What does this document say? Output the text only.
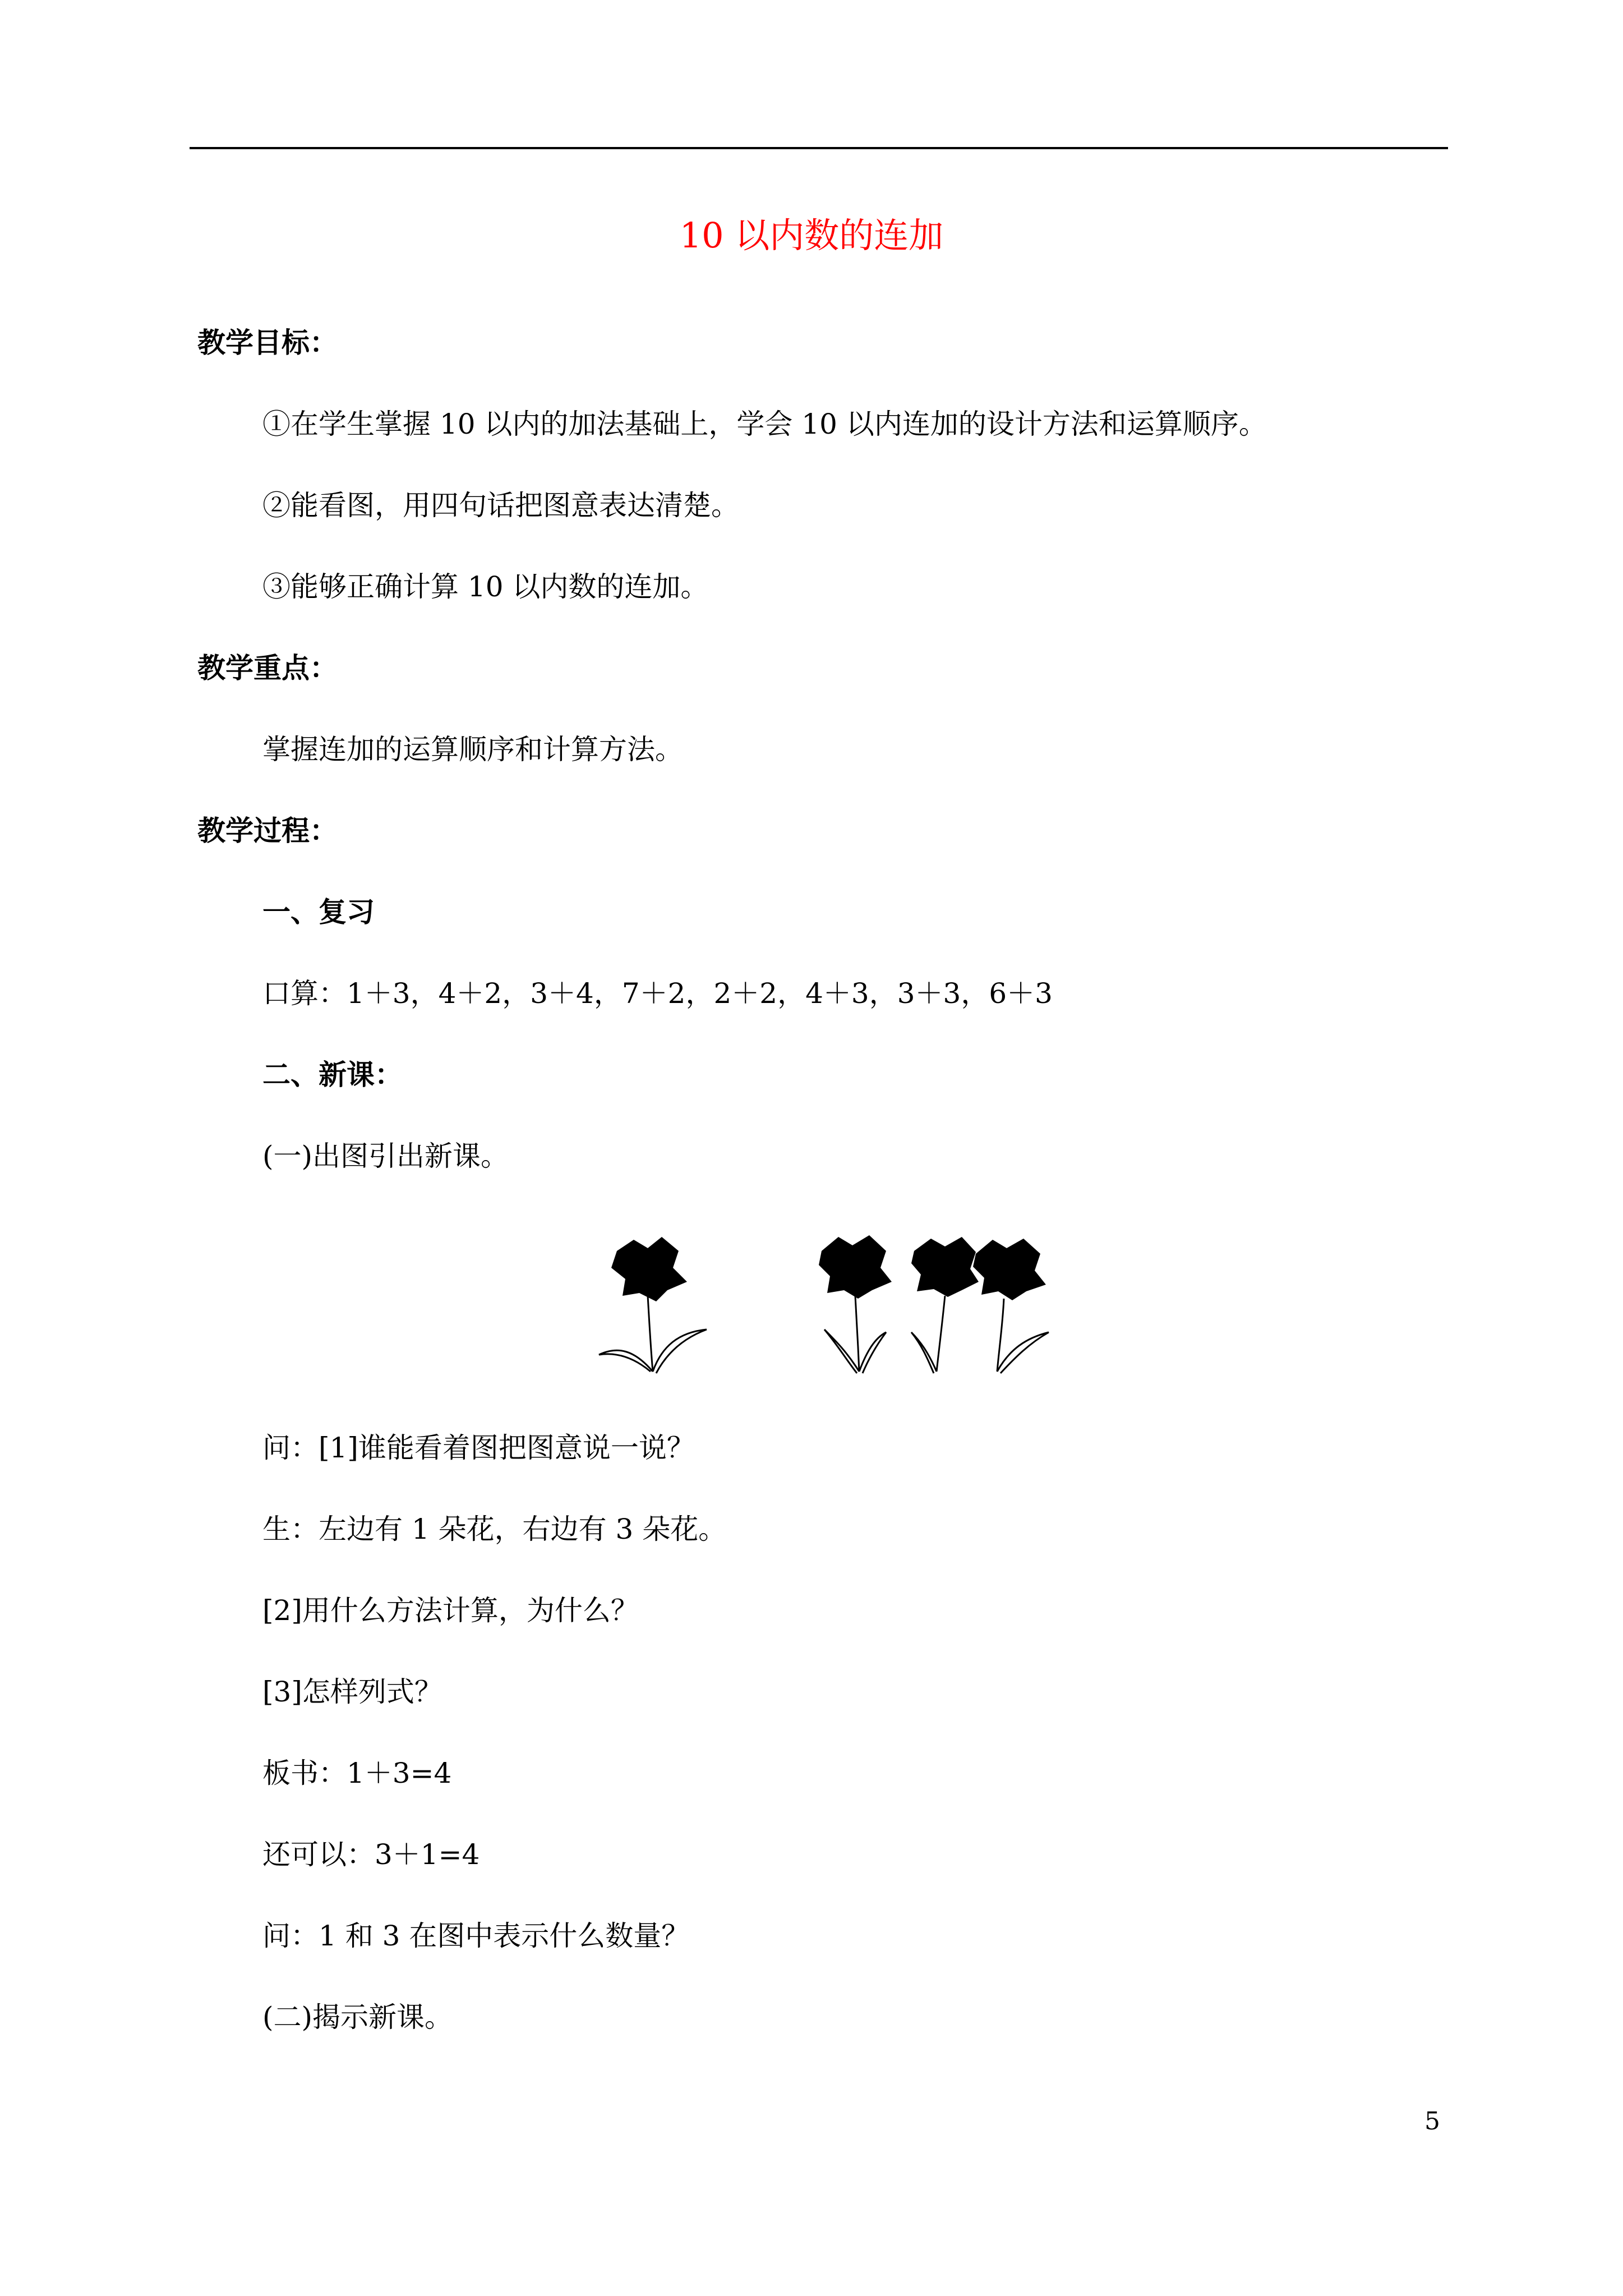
10 以内数的连加
教学目标：
①在学生掌握 10 以内的加法基础上，学会 10 以内连加的设计方法和运算顺序。
②能看图，用四句话把图意表达清楚。
③能够正确计算 10 以内数的连加。
教学重点：
掌握连加的运算顺序和计算方法。
教学过程：
一、复习
口算：1＋3，4＋2，3＋4，7＋2，2＋2，4＋3，3＋3，6＋3
二、新课：
(一)出图引出新课。
问：[1]谁能看着图把图意说一说？
生：左边有 1 朵花，右边有 3 朵花。
[2]用什么方法计算，为什么？
[3]怎样列式？
板书：1＋3=4
还可以：3＋1=4
问：1 和 3 在图中表示什么数量？
(二)揭示新课。
5
